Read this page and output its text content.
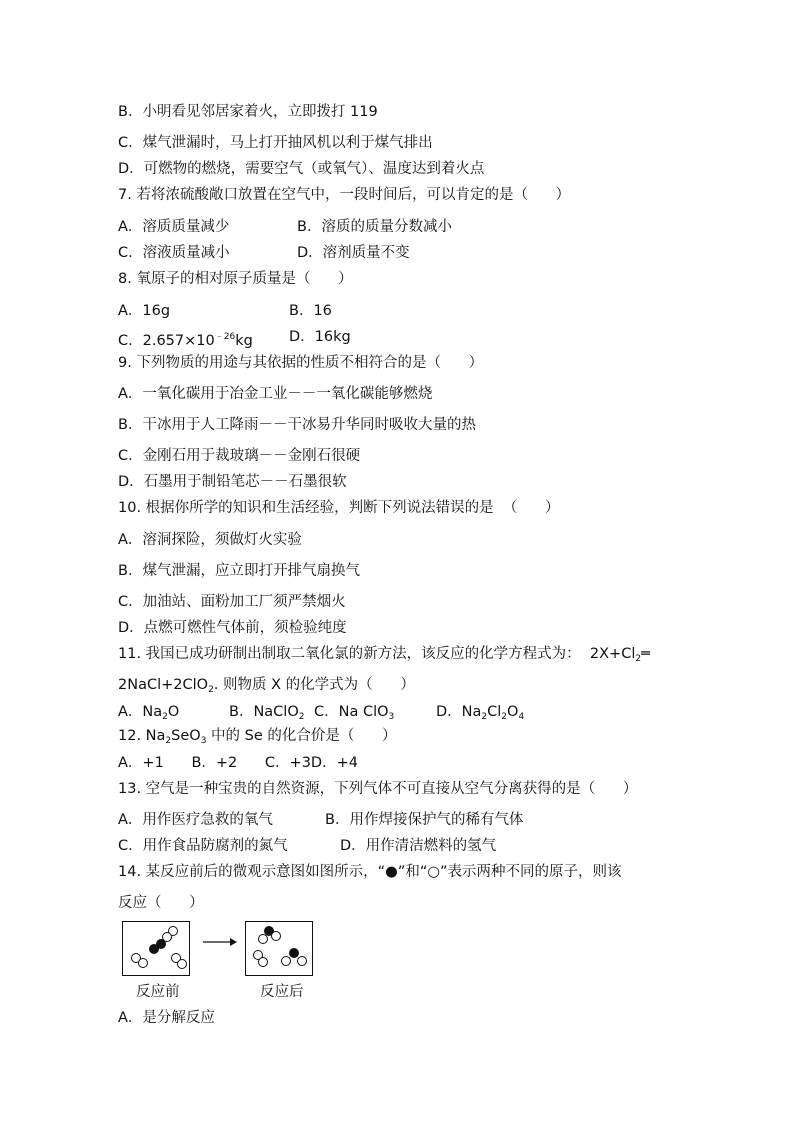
B．小明看见邻居家着火，立即拨打 119
C．煤气泄漏时，马上打开抽风机以利于煤气排出
D．可燃物的燃烧，需要空气（或氧气）、温度达到着火点
7. 若将浓硫酸敞口放置在空气中，一段时间后，可以肯定的是（      ）
A．溶质质量减少	B．溶质的质量分数减小
C．溶液质量减小	D．溶剂质量不变
8. 氧原子的相对原子质量是（      ）
A．16g	B．16
C．$2.657\times 10^{﹣26}kg$ D．16kg
9. 下列物质的用途与其依据的性质不相符合的是（      ）
A．一氧化碳用于冶金工业－－一氧化碳能够燃烧
B．干冰用于人工降雨－－干冰易升华同时吸收大量的热
C．金刚石用于裁玻璃－－金刚石很硬
D．石墨用于制铅笔芯－－石墨很软
10. 根据你所学的知识和生活经验，判断下列说法错误的是  （      ）
A．溶洞探险，须做灯火实验
B．煤气泄漏，应立即打开排气扇换气
C．加油站、面粉加工厂须严禁烟火
D．点燃可燃性气体前，须检验纯度
11. 我国已成功研制出制取二氧化氯的新方法，该反应的化学方程式为：  $2X+Cl_2═$
2NaCl+2ClO$_2$. 则物质 X 的化学式为（      ）
A．$Na_2O$	B．NaClO$_2$ C．Na ClO$_3$	D．$Na_2Cl_2O_4$
12. $Na_2SeO_3$ 中的 Se 的化合价是（      ）
A．+1      B．+2      C．+3D．+4
13. 空气是一种宝贵的自然资源，下列气体不可直接从空气分离获得的是（      ）
A．用作医疗急救的氧气	B．用作焊接保护气的稀有气体
C．用作食品防腐剂的氮气	D．用作清洁燃料的氢气
14. 某反应前后的微观示意图如图所示，“●”和“○”表示两种不同的原子，则该
反应（      ）
反应前	反应后
A．是分解反应
